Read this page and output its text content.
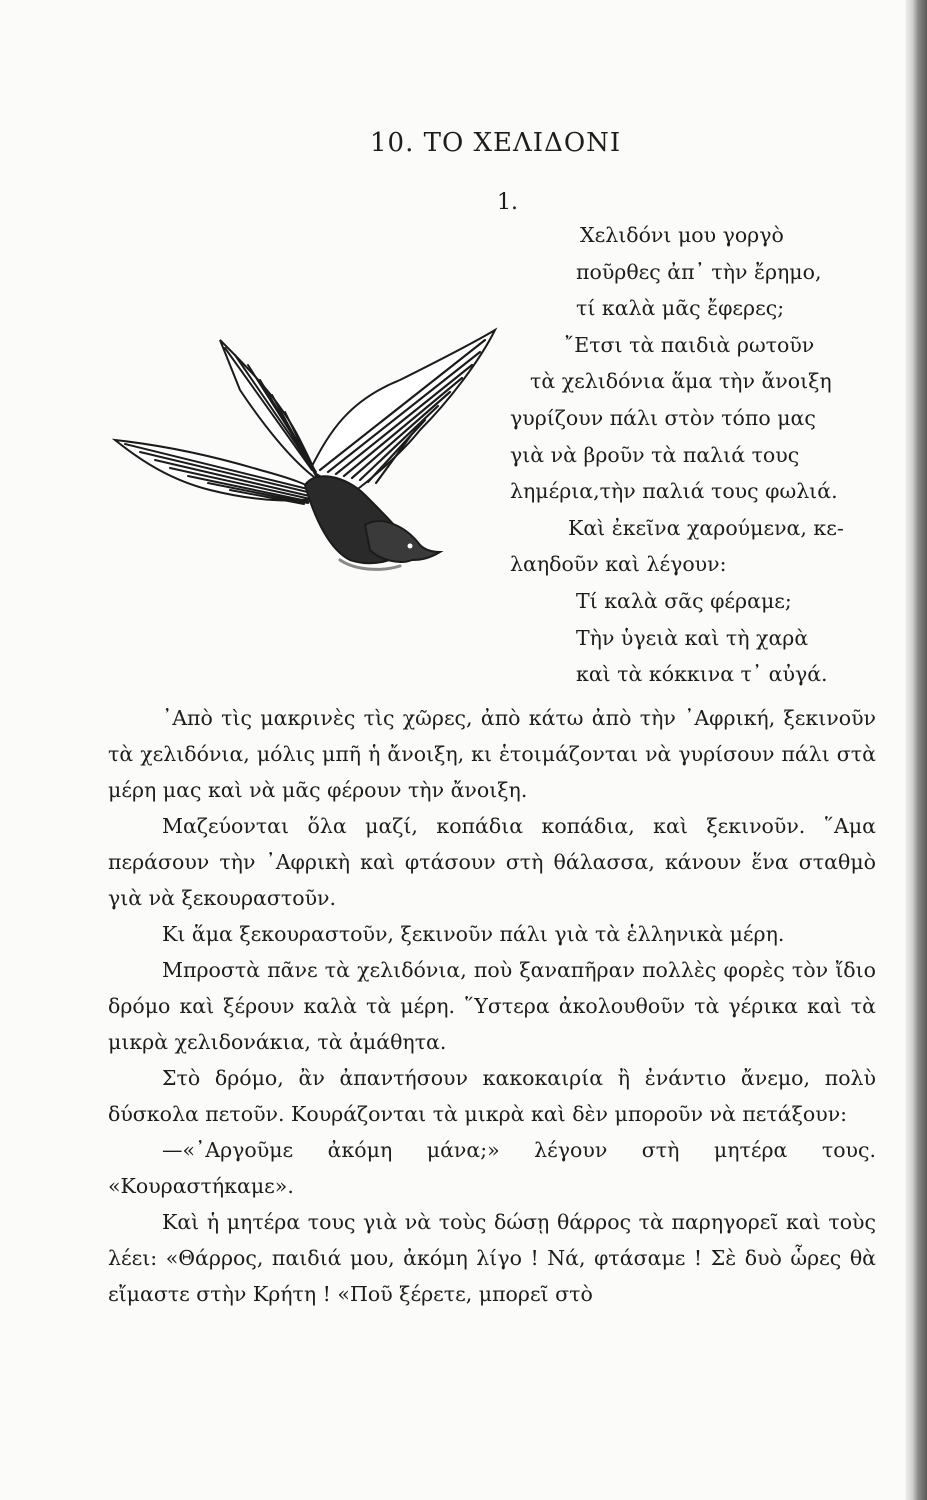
10. ΤΟ ΧΕΛΙΔΟΝΙ
1.
Χελιδόνι μου γοργὸ
ποῦρθες ἀπ᾿ τὴν ἔρημο,
τί καλὰ μᾶς ἔφερες;
῎Ετσι τὰ παιδιὰ ρωτοῦν
τὰ χελιδόνια ἅμα τὴν ἄνοιξη
γυρίζουν πάλι στὸν τόπο μας
γιὰ νὰ βροῦν τὰ παλιά τους
λημέρια,τὴν παλιά τους φωλιά.
Καὶ ἐκεῖνα χαρούμενα, κε-
λαηδοῦν καὶ λέγουν:
Τί καλὰ σᾶς φέραμε;
Τὴν ὑγειὰ καὶ τὴ χαρὰ
καὶ τὰ κόκκινα τ᾿ αὐγά.

᾿Απὸ τὶς μακρινὲς τὶς χῶρες, ἀπὸ κάτω ἀπὸ τὴν ᾿Αφρική, ξεκινοῦν τὰ χελιδόνια, μόλις μπῆ ἡ ἄνοιξη, κι ἑτοιμάζονται νὰ γυρίσουν πάλι στὰ μέρη μας καὶ νὰ μᾶς φέρουν τὴν ἄνοιξη.

Μαζεύονται ὅλα μαζί, κοπάδια κοπάδια, καὶ ξεκινοῦν. ῞Αμα περάσουν τὴν ᾿Αφρικὴ καὶ φτάσουν στὴ θάλασσα, κάνουν ἕνα σταθμὸ γιὰ νὰ ξεκουραστοῦν.

Κι ἅμα ξεκουραστοῦν, ξεκινοῦν πάλι γιὰ τὰ ἑλληνικὰ μέρη.

Μπροστὰ πᾶνε τὰ χελιδόνια, ποὺ ξαναπῆραν πολλὲς φορὲς τὸν ἴδιο δρόμο καὶ ξέρουν καλὰ τὰ μέρη. ῞Υστερα ἀκολουθοῦν τὰ γέρικα καὶ τὰ μικρὰ χελιδονάκια, τὰ ἀμάθητα.

Στὸ δρόμο, ἂν ἀπαντήσουν κακοκαιρία ἢ ἐνάντιο ἄνεμο, πολὺ δύσκολα πετοῦν. Κουράζονται τὰ μικρὰ καὶ δὲν μποροῦν νὰ πετάξουν:

—«᾿Αργοῦμε ἀκόμη μάνα;» λέγουν στὴ μητέρα τους. «Κουραστήκαμε».

Καὶ ἡ μητέρα τους γιὰ νὰ τοὺς δώσῃ θάρρος τὰ παρηγορεῖ καὶ τοὺς λέει: «Θάρρος, παιδιά μου, ἀκόμη λίγο ! Νά, φτάσαμε ! Σὲ δυὸ ὧρες θὰ εἴμαστε στὴν Κρήτη ! «Ποῦ ξέρετε, μπορεῖ στὸ
